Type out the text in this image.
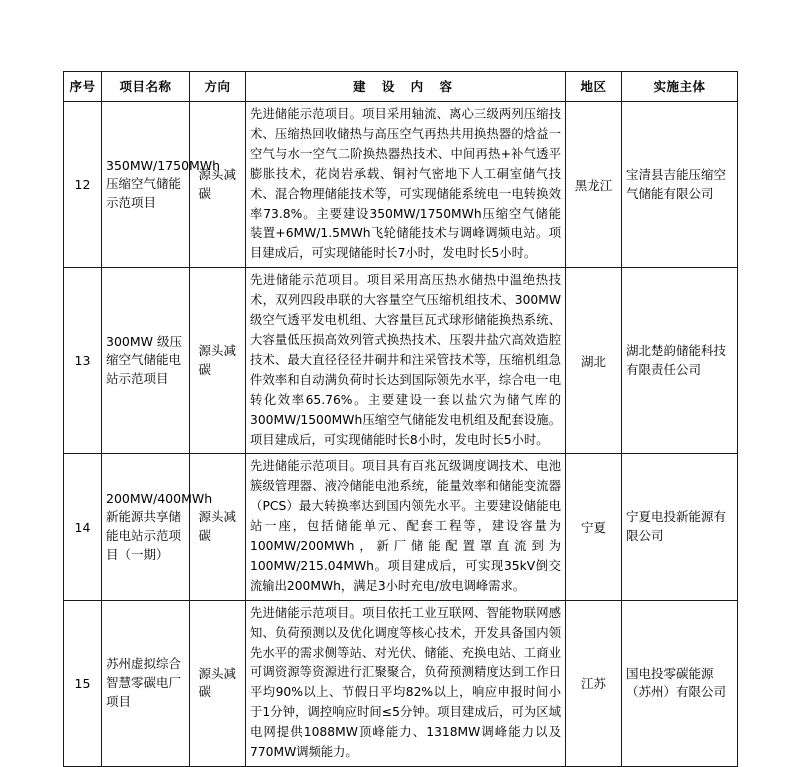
序号	项目名称	方向	建 设 内 容	地区	实施主体
12	350MW/1750MWh 压缩空气储能示范项目	源头减碳	先进储能示范项目。项目采用轴流、离心三级两列压缩技术、压缩热回收储热与高压空气再热共用换热器的焓益一空气与水一空气二阶换热器热技术、中间再热+补气透平膨胀技术，花岗岩承载、铜衬气密地下人工硐室储气技术、混合物理储能技术等，可实现储能系统电一电转换效率73.8%。主要建设350MW/1750MWh压缩空气储能装置+6MW/1.5MWh飞轮储能技术与调峰调频电站。项目建成后，可实现储能时长7小时，发电时长5小时。	黑龙江	宝清县吉能压缩空气储能有限公司
13	300MW 级压缩空气储能电站示范项目	源头减碳	先进储能示范项目。项目采用高压热水储热中温绝热技术，双列四段串联的大容量空气压缩机组技术、300MW级空气透平发电机组、大容量巨瓦式球形储能换热系统、大容量低压损高效列管式换热技术、压裂井盐穴高效造腔技术、最大直径径径井硐井和注采管技术等，压缩机组急件效率和自动满负荷时长达到国际领先水平，综合电一电转化效率65.76%。主要建设一套以盐穴为储气库的300MW/1500MWh压缩空气储能发电机组及配套设施。项目建成后，可实现储能时长8小时，发电时长5小时。	湖北	湖北楚韵储能科技有限责任公司
14	200MW/400MWh 新能源共享储能电站示范项目（一期）	源头减碳	先进储能示范项目。项目具有百兆瓦级调度调技术、电池簇级管理器、液冷储能电池系统，能量效率和储能变流器（PCS）最大转换率达到国内领先水平。主要建设储能电站一座，包括储能单元、配套工程等，建设容量为100MW/200MWh，新厂储能配置罩直流到为100MW/215.04MWh。项目建成后，可实现35kV倒交流输出200MWh，满足3小时充电/放电调峰需求。	宁夏	宁夏电投新能源有限公司
15	苏州虚拟综合智慧零碳电厂项目	源头减碳	先进储能示范项目。项目依托工业互联网、智能物联网感知、负荷预测以及优化调度等核心技术，开发具备国内领先水平的需求侧等站、对光伏、储能、充换电站、工商业可调资源等资源进行汇聚聚合，负荷预测精度达到工作日平均90%以上、节假日平均82%以上，响应申报时间小于1分钟，调控响应时间≤5分钟。项目建成后，可为区域电网提供1088MW顶峰能力、1318MW调峰能力以及770MW调频能力。	江苏	国电投零碳能源（苏州）有限公司
